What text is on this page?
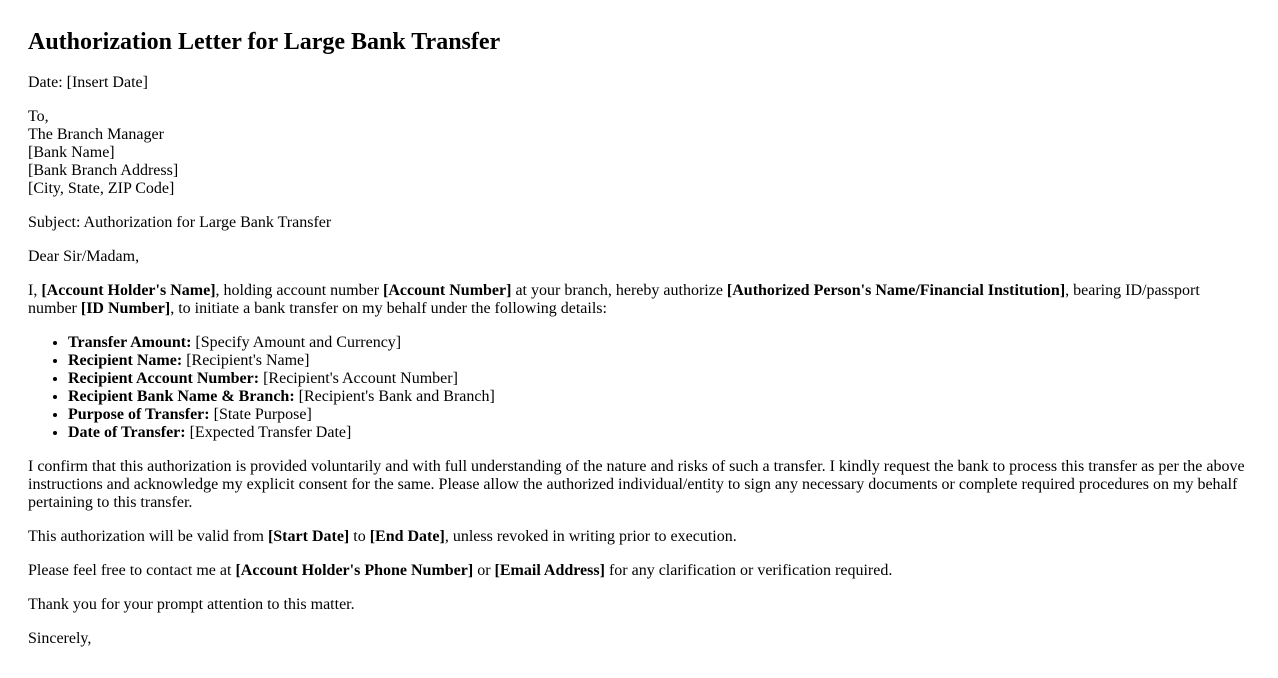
Authorization Letter for Large Bank Transfer

Date: [Insert Date]

To,
The Branch Manager
[Bank Name]
[Bank Branch Address]
[City, State, ZIP Code]

Subject: Authorization for Large Bank Transfer

Dear Sir/Madam,

I, [Account Holder's Name], holding account number [Account Number] at your branch, hereby authorize [Authorized Person's Name/Financial Institution], bearing ID/passport number [ID Number], to initiate a bank transfer on my behalf under the following details:

• Transfer Amount: [Specify Amount and Currency]
• Recipient Name: [Recipient's Name]
• Recipient Account Number: [Recipient's Account Number]
• Recipient Bank Name & Branch: [Recipient's Bank and Branch]
• Purpose of Transfer: [State Purpose]
• Date of Transfer: [Expected Transfer Date]

I confirm that this authorization is provided voluntarily and with full understanding of the nature and risks of such a transfer. I kindly request the bank to process this transfer as per the above instructions and acknowledge my explicit consent for the same. Please allow the authorized individual/entity to sign any necessary documents or complete required procedures on my behalf pertaining to this transfer.

This authorization will be valid from [Start Date] to [End Date], unless revoked in writing prior to execution.

Please feel free to contact me at [Account Holder's Phone Number] or [Email Address] for any clarification or verification required.

Thank you for your prompt attention to this matter.

Sincerely,
